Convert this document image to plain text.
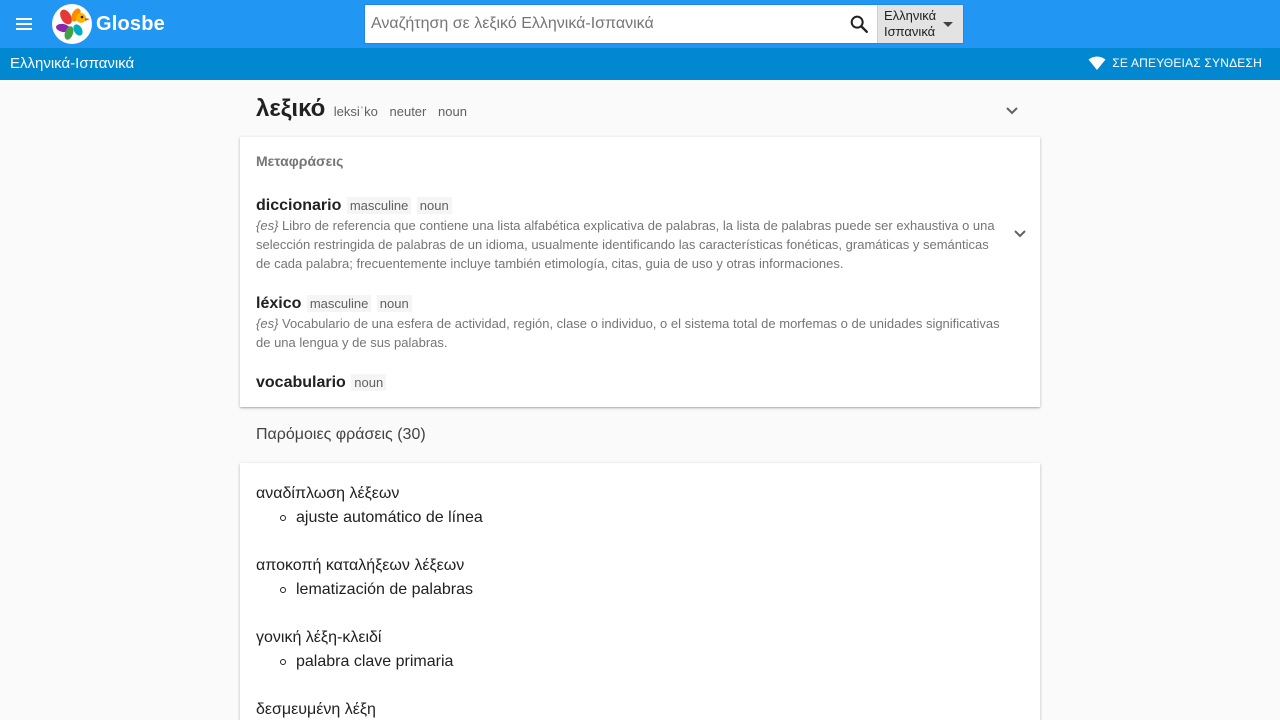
Glosbe
Αναζήτηση σε λεξικό Ελληνικά-Ισπανικά	Ελληνικά
Ισπανικά
Ελληνικά-Ισπανικά	ΣΕ ΑΠΕΥΘΕΙΑΣ ΣΥΝΔΕΣΗ
λεξικό leksiˈko neuter noun
Μεταφράσεις
diccionario masculine noun
{es} Libro de referencia que contiene una lista alfabética explicativa de palabras, la lista de palabras puede ser exhaustiva o una selección restringida de palabras de un idioma, usualmente identificando las características fonéticas, gramáticas y semánticas de cada palabra; frecuentemente incluye también etimología, citas, guia de uso y otras informaciones.
léxico masculine noun
{es} Vocabulario de una esfera de actividad, región, clase o individuo, o el sistema total de morfemas o de unidades significativas de una lengua y de sus palabras.
vocabulario noun
Παρόμοιες φράσεις (30)
αναδίπλωση λέξεων
ajuste automático de línea
αποκοπή καταλήξεων λέξεων
lematización de palabras
γονική λέξη-κλειδί
palabra clave primaria
δεσμευμένη λέξη
